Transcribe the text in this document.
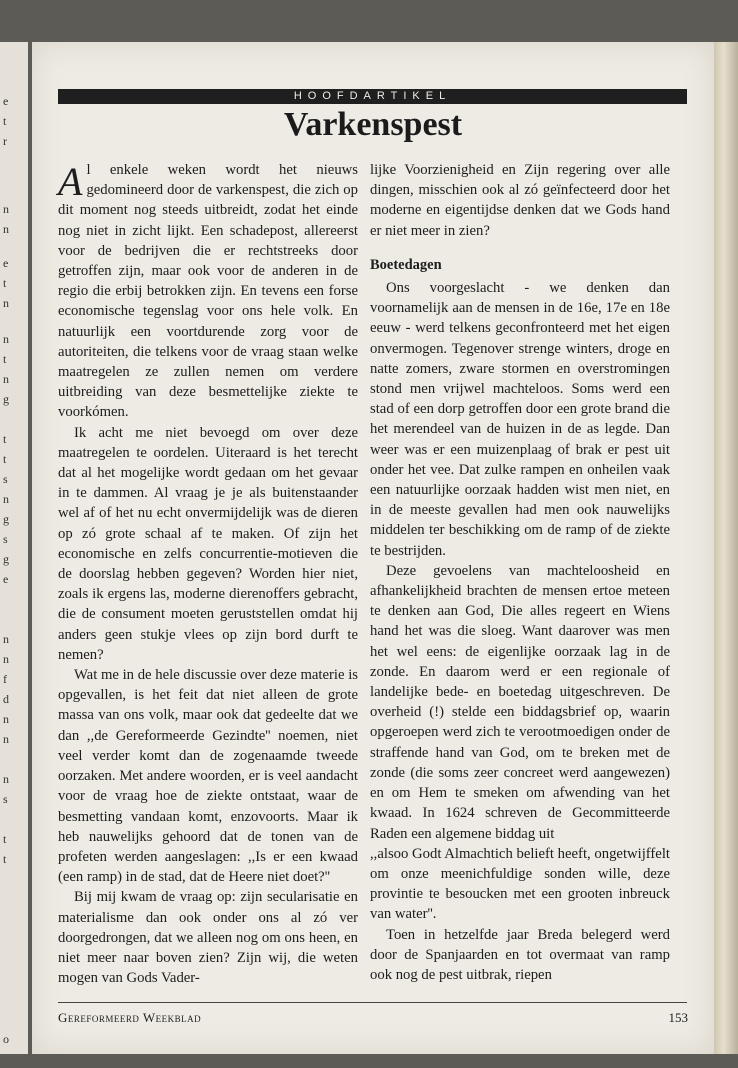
e
t
r
n
n
e
t
n
n
t
n
g
t
t
s
n
g
s
g
e
n
n
f
d
n
n
n
s
t
t
o
HOOFDARTIKEL
Varkenspest

Al enkele weken wordt het nieuws gedomineerd door de varkenspest, die zich op dit moment nog steeds uitbreidt, zodat het einde nog niet in zicht lijkt. Een schadepost, allereerst voor de bedrijven die er rechtstreeks door getroffen zijn, maar ook voor de anderen in de regio die erbij betrokken zijn. En tevens een forse economische tegenslag voor ons hele volk. En natuurlijk een voortdurende zorg voor de autoriteiten, die telkens voor de vraag staan welke maatregelen ze zullen nemen om verdere uitbreiding van deze besmettelijke ziekte te voorkómen.

Ik acht me niet bevoegd om over deze maatregelen te oordelen. Uiteraard is het terecht dat al het mogelijke wordt gedaan om het gevaar in te dammen. Al vraag je je als buitenstaander wel af of het nu echt onvermijdelijk was de dieren op zó grote schaal af te maken. Of zijn het economische en zelfs concurrentie-motieven die de doorslag hebben gegeven? Worden hier niet, zoals ik ergens las, moderne dierenoffers gebracht, die de consument moeten geruststellen omdat hij anders geen stukje vlees op zijn bord durft te nemen?

Wat me in de hele discussie over deze materie is opgevallen, is het feit dat niet alleen de grote massa van ons volk, maar ook dat gedeelte dat we dan ,,de Gereformeerde Gezindte'' noemen, niet veel verder komt dan de zogenaamde tweede oorzaken. Met andere woorden, er is veel aandacht voor de vraag hoe de ziekte ontstaat, waar de besmetting vandaan komt, enzovoorts. Maar ik heb nauwelijks gehoord dat de tonen van de profeten werden aangeslagen: ,,Is er een kwaad (een ramp) in de stad, dat de Heere niet doet?''

Bij mij kwam de vraag op: zijn secularisatie en materialisme dan ook onder ons al zó ver doorgedrongen, dat we alleen nog om ons heen, en niet meer naar boven zien? Zijn wij, die weten mogen van Gods Vader-

lijke Voorzienigheid en Zijn regering over alle dingen, misschien ook al zó geïnfecteerd door het moderne en eigentijdse denken dat we Gods hand er niet meer in zien?

Boetedagen

Ons voorgeslacht - we denken dan voornamelijk aan de mensen in de 16e, 17e en 18e eeuw - werd telkens geconfronteerd met het eigen onvermogen. Tegenover strenge winters, droge en natte zomers, zware stormen en overstromingen stond men vrijwel machteloos. Soms werd een stad of een dorp getroffen door een grote brand die het merendeel van de huizen in de as legde. Dan weer was er een muizenplaag of brak er pest uit onder het vee. Dat zulke rampen en onheilen vaak een natuurlijke oorzaak hadden wist men niet, en in de meeste gevallen had men ook nauwelijks middelen ter beschikking om de ramp of de ziekte te bestrijden.

Deze gevoelens van machteloosheid en afhankelijkheid brachten de mensen ertoe meteen te denken aan God, Die alles regeert en Wiens hand het was die sloeg. Want daarover was men het wel eens: de eigenlijke oorzaak lag in de zonde. En daarom werd er een regionale of landelijke bede- en boetedag uitgeschreven. De overheid (!) stelde een biddagsbrief op, waarin opgeroepen werd zich te verootmoedigen onder de straffende hand van God, om te breken met de zonde (die soms zeer concreet werd aangewezen) en om Hem te smeken om afwending van het kwaad. In 1624 schreven de Gecommitteerde Raden een algemene biddag uit

,,alsoo Godt Almachtich belieft heeft, ongetwijffelt om onze meenichfuldige sonden wille, deze provintie te besoucken met een grooten inbreuck van water''.

Toen in hetzelfde jaar Breda belegerd werd door de Spanjaarden en tot overmaat van ramp ook nog de pest uitbrak, riepen

Gereformeerd Weekblad	153
